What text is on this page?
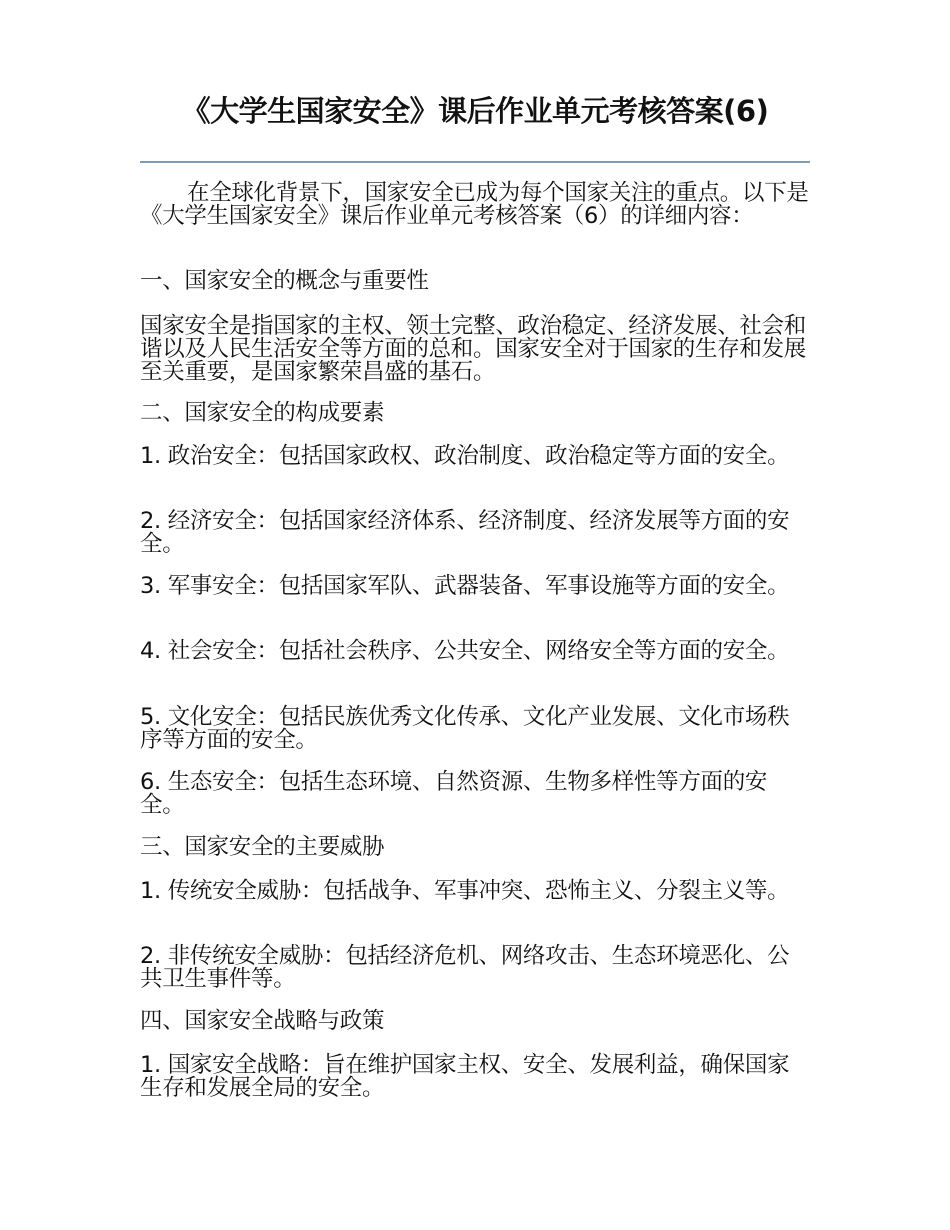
《大学生国家安全》课后作业单元考核答案(6)

在全球化背景下，国家安全已成为每个国家关注的重点。以下是《大学生国家安全》课后作业单元考核答案（6）的详细内容：

一、国家安全的概念与重要性

国家安全是指国家的主权、领土完整、政治稳定、经济发展、社会和谐以及人民生活安全等方面的总和。国家安全对于国家的生存和发展至关重要，是国家繁荣昌盛的基石。

二、国家安全的构成要素

1. 政治安全：包括国家政权、政治制度、政治稳定等方面的安全。

2. 经济安全：包括国家经济体系、经济制度、经济发展等方面的安全。

3. 军事安全：包括国家军队、武器装备、军事设施等方面的安全。

4. 社会安全：包括社会秩序、公共安全、网络安全等方面的安全。

5. 文化安全：包括民族优秀文化传承、文化产业发展、文化市场秩序等方面的安全。

6. 生态安全：包括生态环境、自然资源、生物多样性等方面的安全。

三、国家安全的主要威胁

1. 传统安全威胁：包括战争、军事冲突、恐怖主义、分裂主义等。

2. 非传统安全威胁：包括经济危机、网络攻击、生态环境恶化、公共卫生事件等。

四、国家安全战略与政策

1. 国家安全战略：旨在维护国家主权、安全、发展利益，确保国家生存和发展全局的安全。
